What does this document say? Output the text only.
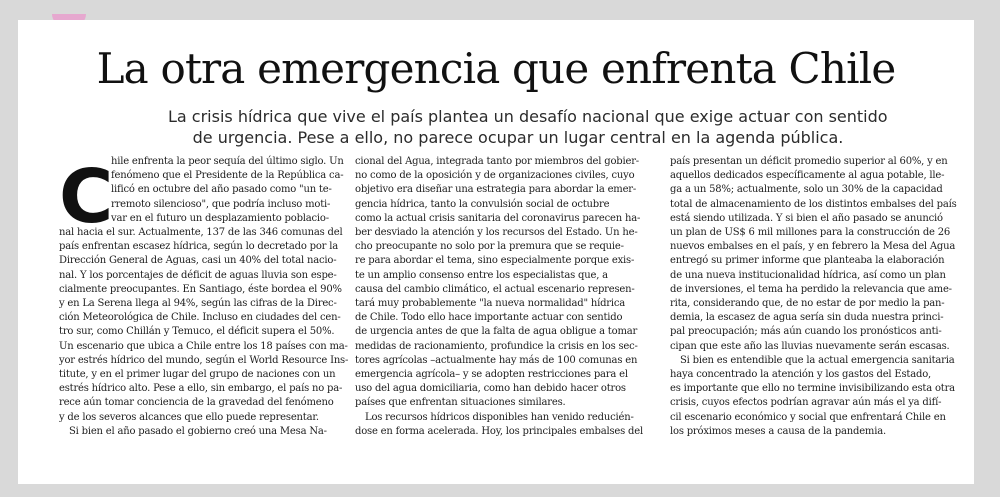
La otra emergencia que enfrenta Chile
La crisis hídrica que vive el país plantea un desafío nacional que exige actuar con sentido
de urgencia. Pese a ello, no parece ocupar un lugar central en la agenda pública.
C
hile enfrenta la peor sequía del último siglo. Un
fenómeno que el Presidente de la República ca-
lificó en octubre del año pasado como "un te-
rremoto silencioso", que podría incluso moti-
var en el futuro un desplazamiento poblacio-
nal hacia el sur. Actualmente, 137 de las 346 comunas del
país enfrentan escasez hídrica, según lo decretado por la
Dirección General de Aguas, casi un 40% del total nacio-
nal. Y los porcentajes de déficit de aguas lluvia son espe-
cialmente preocupantes. En Santiago, éste bordea el 90%
y en La Serena llega al 94%, según las cifras de la Direc-
ción Meteorológica de Chile. Incluso en ciudades del cen-
tro sur, como Chillán y Temuco, el déficit supera el 50%.
Un escenario que ubica a Chile entre los 18 países con ma-
yor estrés hídrico del mundo, según el World Resource Ins-
titute, y en el primer lugar del grupo de naciones con un
estrés hídrico alto. Pese a ello, sin embargo, el país no pa-
rece aún tomar conciencia de la gravedad del fenómeno
y de los severos alcances que ello puede representar.
Si bien el año pasado el gobierno creó una Mesa Na-
cional del Agua, integrada tanto por miembros del gobier-
no como de la oposición y de organizaciones civiles, cuyo
objetivo era diseñar una estrategia para abordar la emer-
gencia hídrica, tanto la convulsión social de octubre
como la actual crisis sanitaria del coronavirus parecen ha-
ber desviado la atención y los recursos del Estado. Un he-
cho preocupante no solo por la premura que se requie-
re para abordar el tema, sino especialmente porque exis-
te un amplio consenso entre los especialistas que, a
causa del cambio climático, el actual escenario represen-
tará muy probablemente "la nueva normalidad" hídrica
de Chile. Todo ello hace importante actuar con sentido
de urgencia antes de que la falta de agua obligue a tomar
medidas de racionamiento, profundice la crisis en los sec-
tores agrícolas –actualmente hay más de 100 comunas en
emergencia agrícola– y se adopten restricciones para el
uso del agua domiciliaria, como han debido hacer otros
países que enfrentan situaciones similares.
Los recursos hídricos disponibles han venido reducién-
dose en forma acelerada. Hoy, los principales embalses del
país presentan un déficit promedio superior al 60%, y en
aquellos dedicados específicamente al agua potable, lle-
ga a un 58%; actualmente, solo un 30% de la capacidad
total de almacenamiento de los distintos embalses del país
está siendo utilizada. Y si bien el año pasado se anunció
un plan de US$ 6 mil millones para la construcción de 26
nuevos embalses en el país, y en febrero la Mesa del Agua
entregó su primer informe que planteaba la elaboración
de una nueva institucionalidad hídrica, así como un plan
de inversiones, el tema ha perdido la relevancia que ame-
rita, considerando que, de no estar de por medio la pan-
demia, la escasez de agua sería sin duda nuestra princi-
pal preocupación; más aún cuando los pronósticos anti-
cipan que este año las lluvias nuevamente serán escasas.
Si bien es entendible que la actual emergencia sanitaria
haya concentrado la atención y los gastos del Estado,
es importante que ello no termine invisibilizando esta otra
crisis, cuyos efectos podrían agravar aún más el ya difí-
cil escenario económico y social que enfrentará Chile en
los próximos meses a causa de la pandemia.
